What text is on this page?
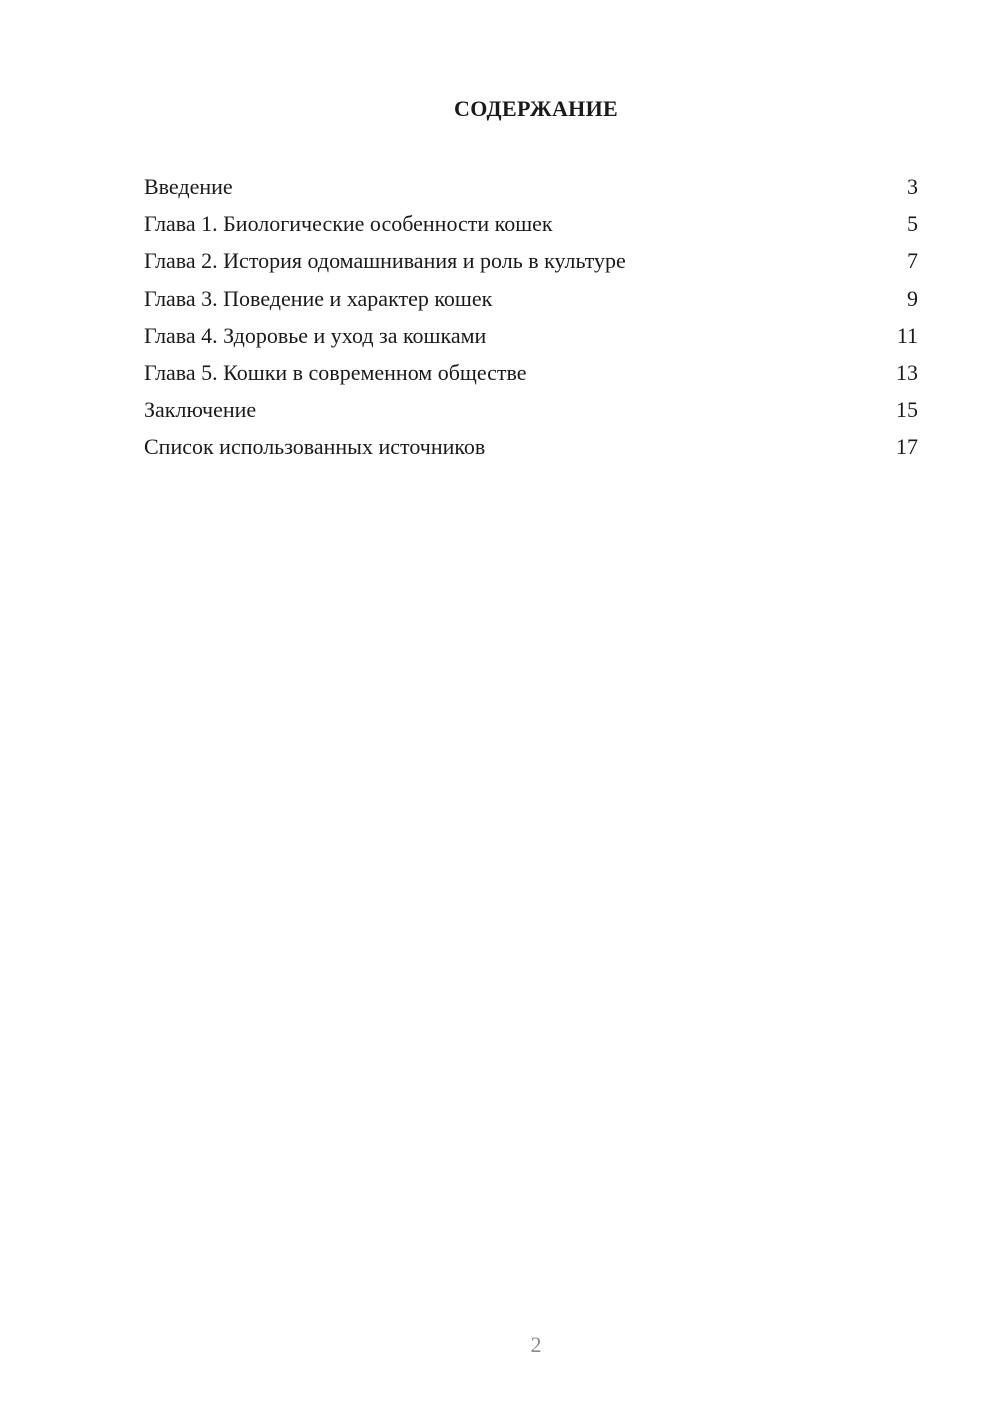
СОДЕРЖАНИЕ
Введение	3
Глава 1. Биологические особенности кошек	5
Глава 2. История одомашнивания и роль в культуре	7
Глава 3. Поведение и характер кошек	9
Глава 4. Здоровье и уход за кошками	11
Глава 5. Кошки в современном обществе	13
Заключение	15
Список использованных источников	17
2
